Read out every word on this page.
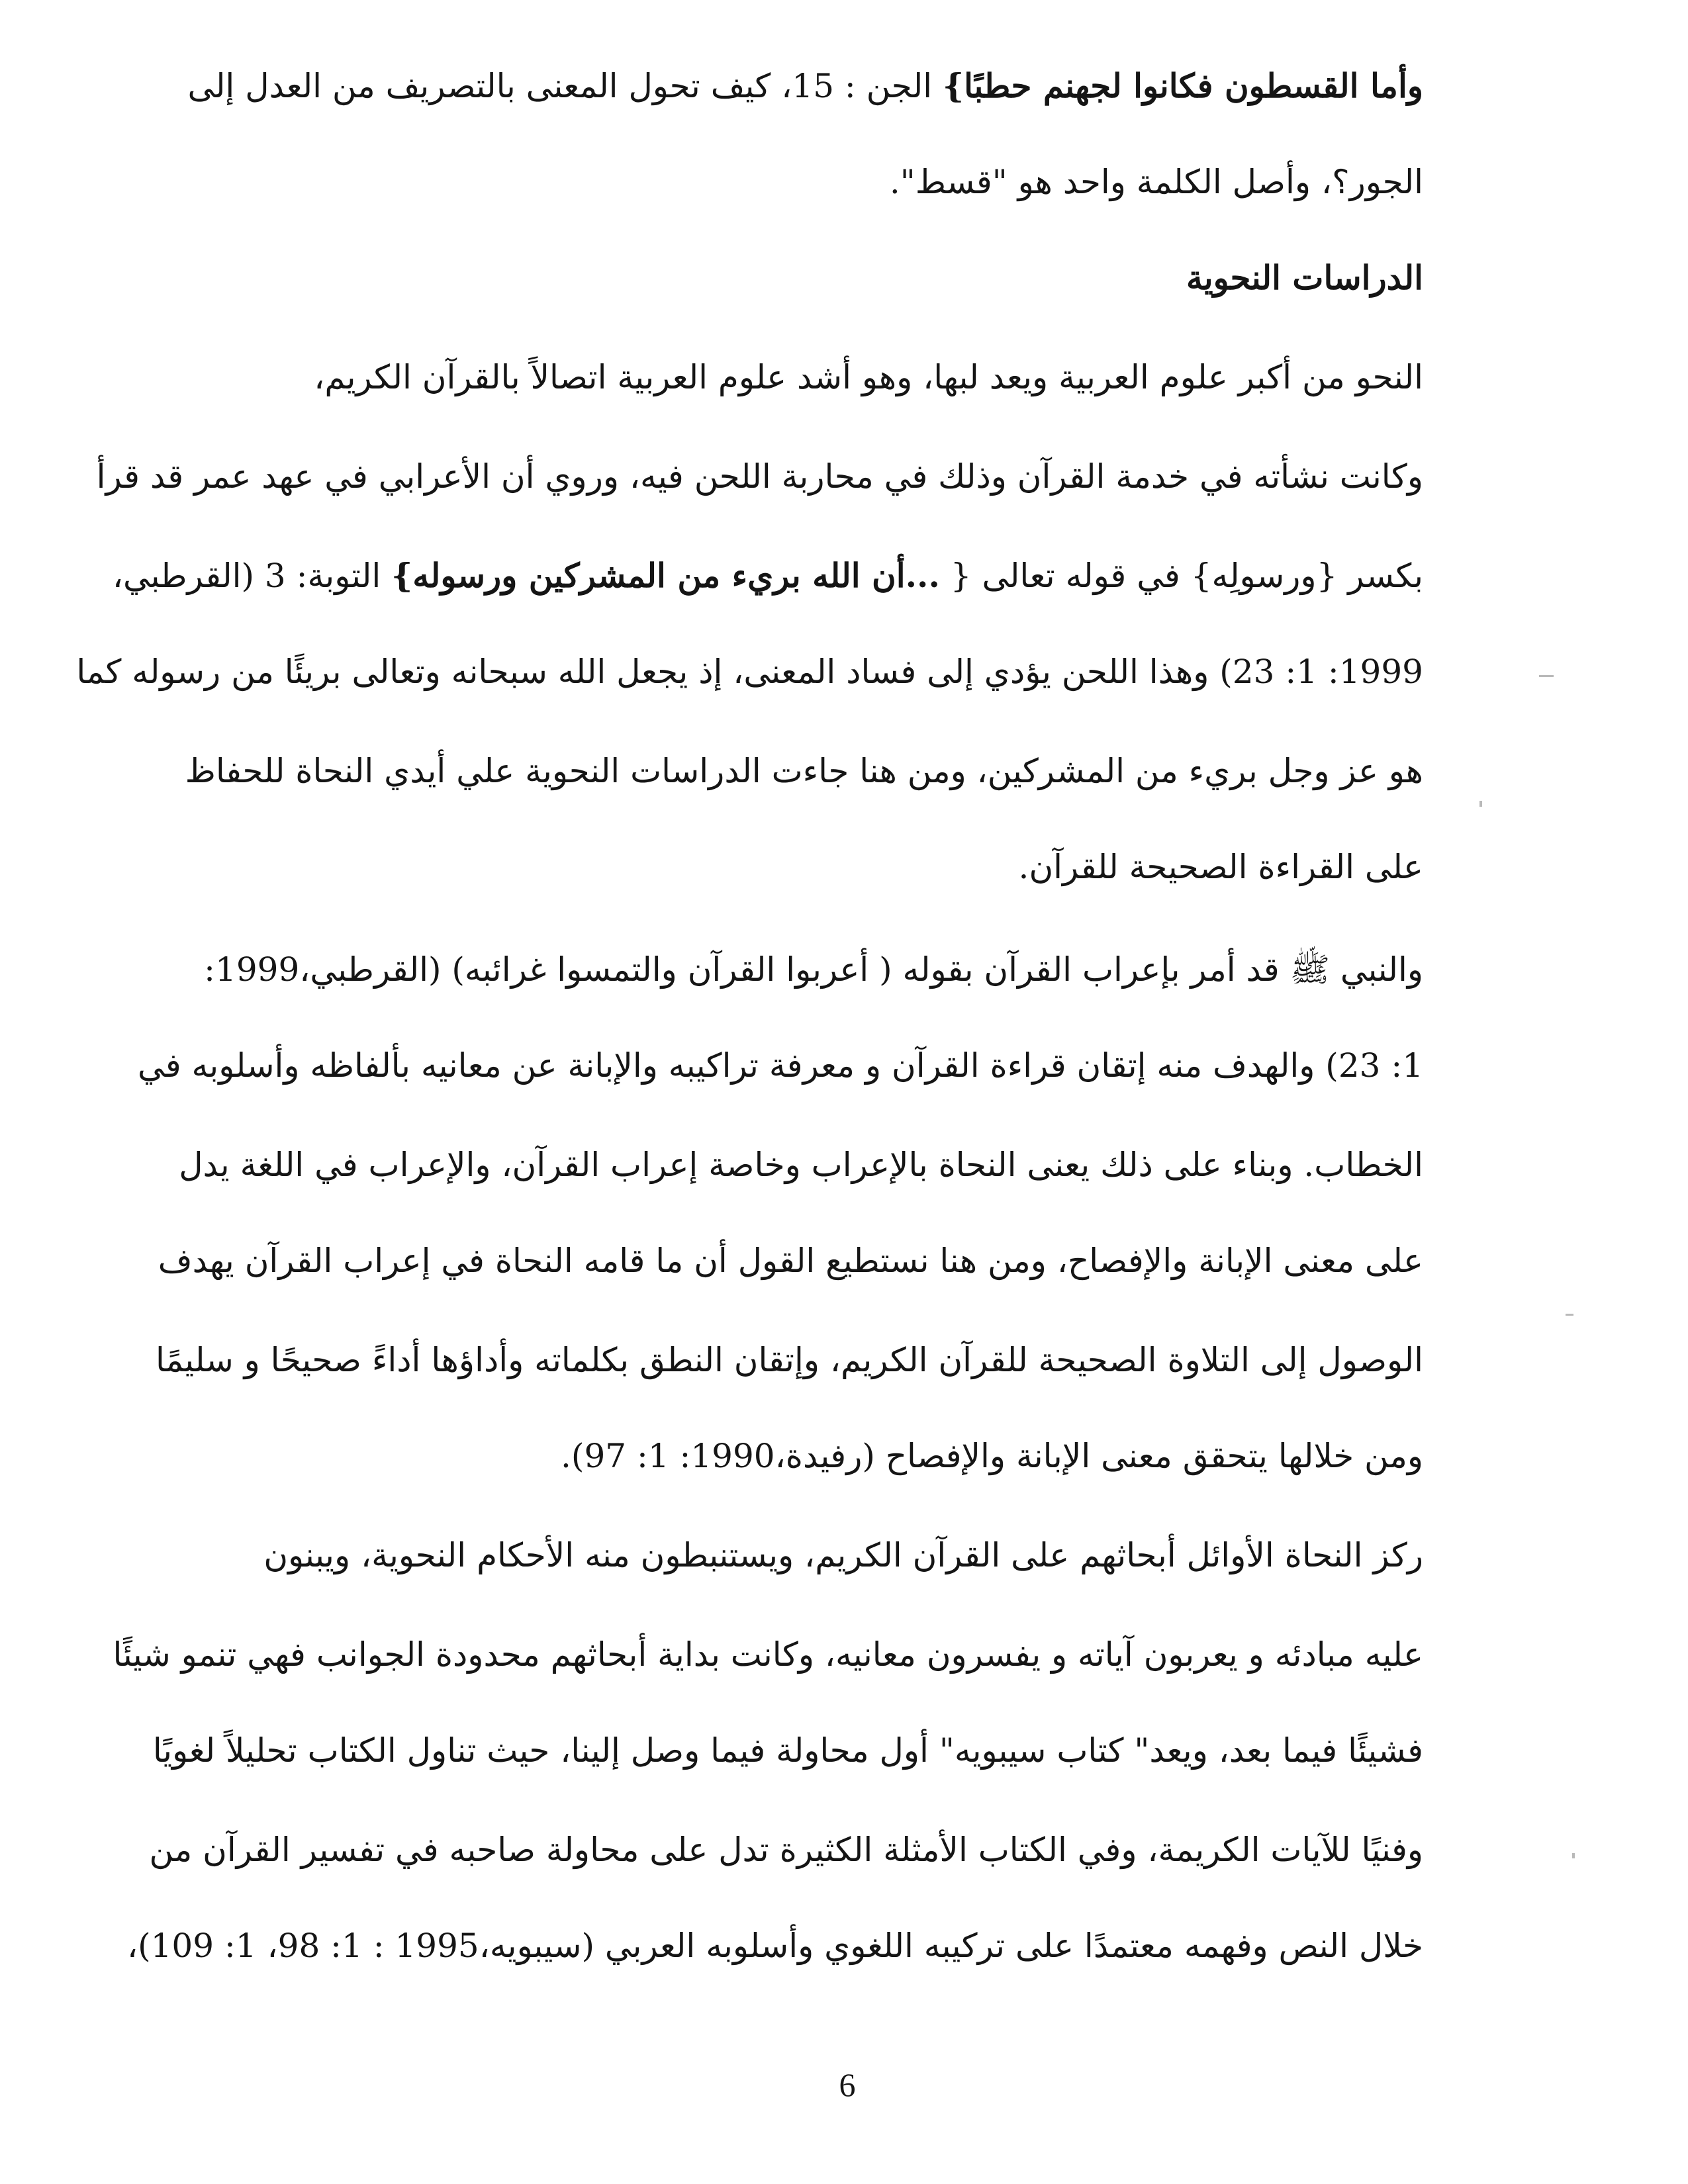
وأما القسطون فكانوا لجهنم حطبًا} الجن : 15، كيف تحول المعنى بالتصريف من العدل إلى
الجور؟، وأصل الكلمة واحد هو "قسط".
الدراسات النحوية
النحو من أكبر علوم العربية ويعد لبها، وهو أشد علوم العربية اتصالاً بالقرآن الكريم،
وكانت نشأته في خدمة القرآن وذلك في محاربة اللحن فيه، وروي أن الأعرابي في عهد عمر قد قرأ
بكسر {ورسولِه} في قوله تعالى { ...أن الله بريء من المشركين ورسوله} التوبة: 3 (القرطبي،
1999: 1: 23) وهذا اللحن يؤدي إلى فساد المعنى، إذ يجعل الله سبحانه وتعالى بريئًا من رسوله كما
هو عز وجل بريء من المشركين، ومن هنا جاءت الدراسات النحوية علي أيدي النحاة للحفاظ
على القراءة الصحيحة للقرآن.
والنبي ﷺ قد أمر بإعراب القرآن بقوله ( أعربوا القرآن والتمسوا غرائبه) (القرطبي،1999:
1: 23) والهدف منه إتقان قراءة القرآن و معرفة تراكيبه والإبانة عن معانيه بألفاظه وأسلوبه في
الخطاب. وبناء على ذلك يعنى النحاة بالإعراب وخاصة إعراب القرآن، والإعراب في اللغة يدل
على معنى الإبانة والإفصاح، ومن هنا نستطيع القول أن ما قامه النحاة في إعراب القرآن يهدف
الوصول إلى التلاوة الصحيحة للقرآن الكريم، وإتقان النطق بكلماته وأداؤها أداءً صحيحًا و سليمًا
ومن خلالها يتحقق معنى الإبانة والإفصاح (رفيدة،1990: 1: 97).
ركز النحاة الأوائل أبحاثهم على القرآن الكريم، ويستنبطون منه الأحكام النحوية، ويبنون
عليه مبادئه و يعربون آياته و يفسرون معانيه، وكانت بداية أبحاثهم محدودة الجوانب فهي تنمو شيئًا
فشيئًا فيما بعد، ويعد" كتاب سيبويه" أول محاولة فيما وصل إلينا، حيث تناول الكتاب تحليلاً لغويًا
وفنيًا للآيات الكريمة، وفي الكتاب الأمثلة الكثيرة تدل على محاولة صاحبه في تفسير القرآن من
خلال النص وفهمه معتمدًا على تركيبه اللغوي وأسلوبه العربي (سيبويه،1995 : 1: 98، 1: 109)،
6
